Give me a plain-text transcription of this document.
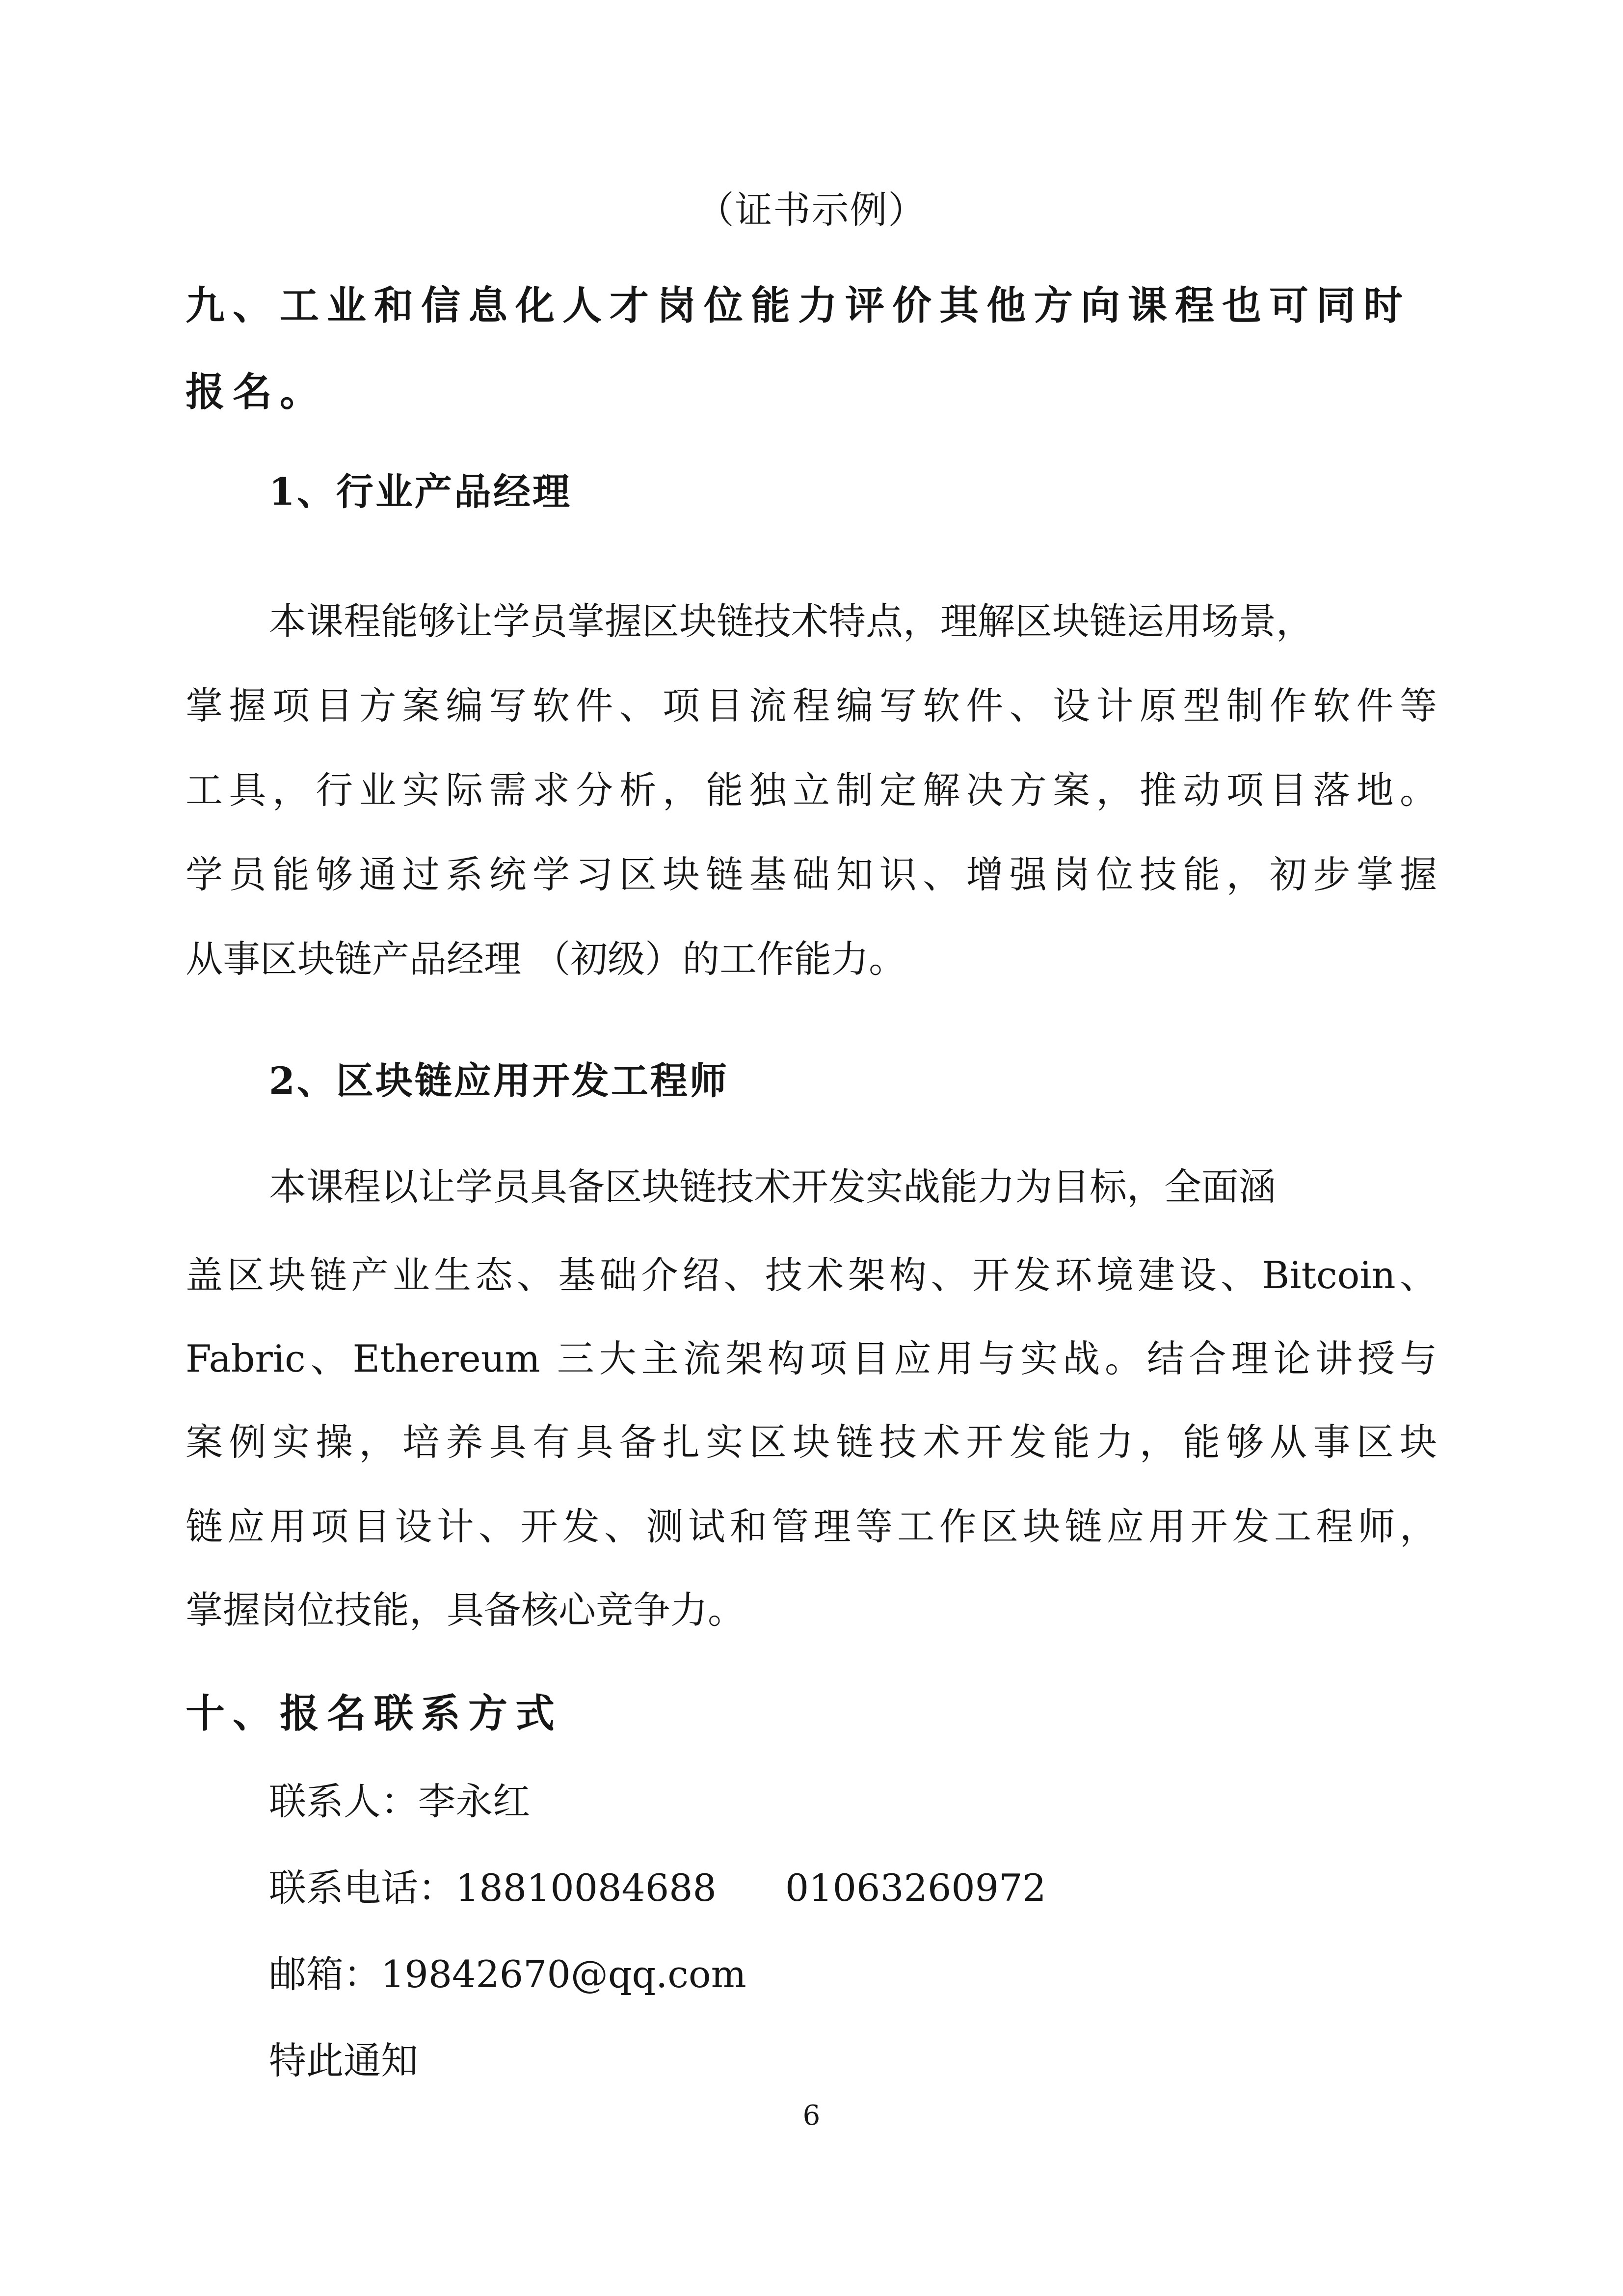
（证书示例）
九、工业和信息化人才岗位能力评价其他方向课程也可同时
报名。
1、行业产品经理
本课程能够让学员掌握区块链技术特点，理解区块链运用场景，
掌握项目方案编写软件、项目流程编写软件、设计原型制作软件等
工具，行业实际需求分析，能独立制定解决方案，推动项目落地。
学员能够通过系统学习区块链基础知识、增强岗位技能，初步掌握
从事区块链产品经理 （初级）的工作能力。
2、区块链应用开发工程师
本课程以让学员具备区块链技术开发实战能力为目标，全面涵
盖区块链产业生态、基础介绍、技术架构、开发环境建设、Bitcoin、
Fabric、Ethereum 三大主流架构项目应用与实战。结合理论讲授与
案例实操，培养具有具备扎实区块链技术开发能力，能够从事区块
链应用项目设计、开发、测试和管理等工作区块链应用开发工程师，
掌握岗位技能，具备核心竞争力。
十、报名联系方式
联系人：李永红
联系电话：18810084688 01063260972
邮箱：19842670@qq.com
特此通知
6
